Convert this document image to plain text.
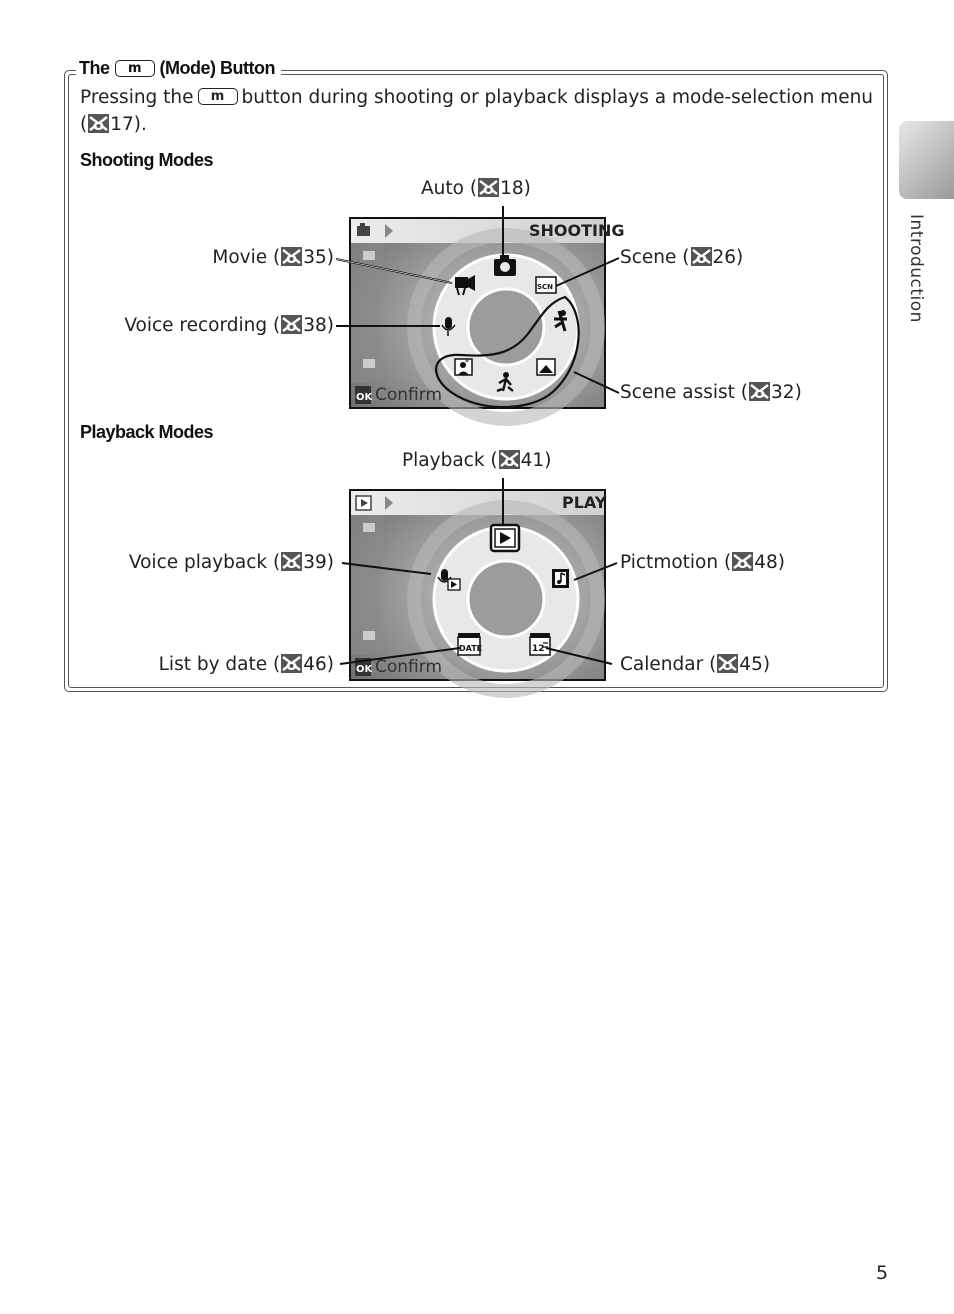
Introduction
The m (Mode) Button
Pressing the m button during shooting or playback displays a mode-selection menu
( 17).
Shooting Modes
Auto ( 18)
Movie ( 35)	Scene ( 26)
Voice recording ( 38)
Scene assist ( 32)
SHOOTING
OK Confirm
SCN
*
Playback Modes
Playback ( 41)
Voice playback ( 39)	Pictmotion ( 48)
List by date ( 46)	Calendar ( 45)
PLAY
OK Confirm
DATE	12
5
